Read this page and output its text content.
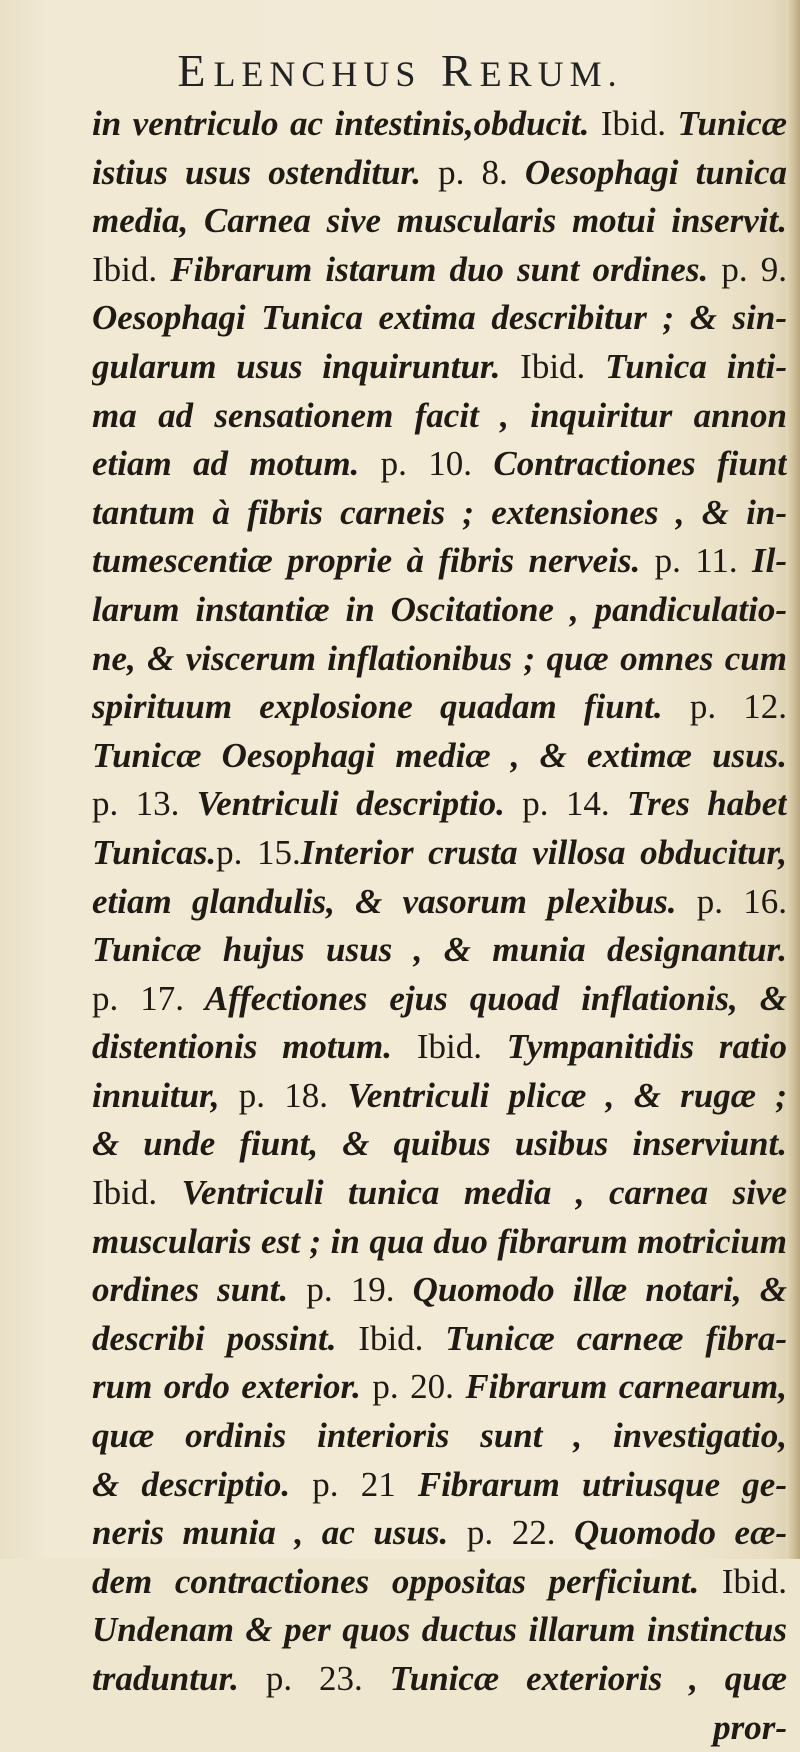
ELENCHUS RERUM.
in ventriculo ac intestinis,obducit. Ibid. Tunicæ
istius usus ostenditur. p. 8. Oesophagi tunica
media, Carnea sive muscularis motui inservit.
Ibid. Fibrarum istarum duo sunt ordines. p. 9.
Oesophagi Tunica extima describitur ; & sin-
gularum usus inquiruntur. Ibid. Tunica inti-
ma ad sensationem facit , inquiritur annon
etiam ad motum. p. 10. Contractiones fiunt
tantum à fibris carneis ; extensiones , & in-
tumescentiæ proprie à fibris nerveis. p. 11. Il-
larum instantiæ in Oscitatione , pandiculatio-
ne, & viscerum inflationibus ; quæ omnes cum
spirituum explosione quadam fiunt. p. 12.
Tunicæ Oesophagi mediæ , & extimæ usus.
p. 13. Ventriculi descriptio. p. 14. Tres habet
Tunicas.p. 15.Interior crusta villosa obducitur,
etiam glandulis, & vasorum plexibus. p. 16.
Tunicæ hujus usus , & munia designantur.
p. 17. Affectiones ejus quoad inflationis, &
distentionis motum. Ibid. Tympanitidis ratio
innuitur, p. 18. Ventriculi plicæ , & rugæ ;
& unde fiunt, & quibus usibus inserviunt.
Ibid. Ventriculi tunica media , carnea sive
muscularis est ; in qua duo fibrarum motricium
ordines sunt. p. 19. Quomodo illæ notari, &
describi possint. Ibid. Tunicæ carneæ fibra-
rum ordo exterior. p. 20. Fibrarum carnearum,
quæ ordinis interioris sunt , investigatio,
& descriptio. p. 21 Fibrarum utriusque ge-
neris munia , ac usus. p. 22. Quomodo eæ-
dem contractiones oppositas perficiunt. Ibid.
Undenam & per quos ductus illarum instinctus
traduntur. p. 23. Tunicæ exterioris , quæ
pror-
